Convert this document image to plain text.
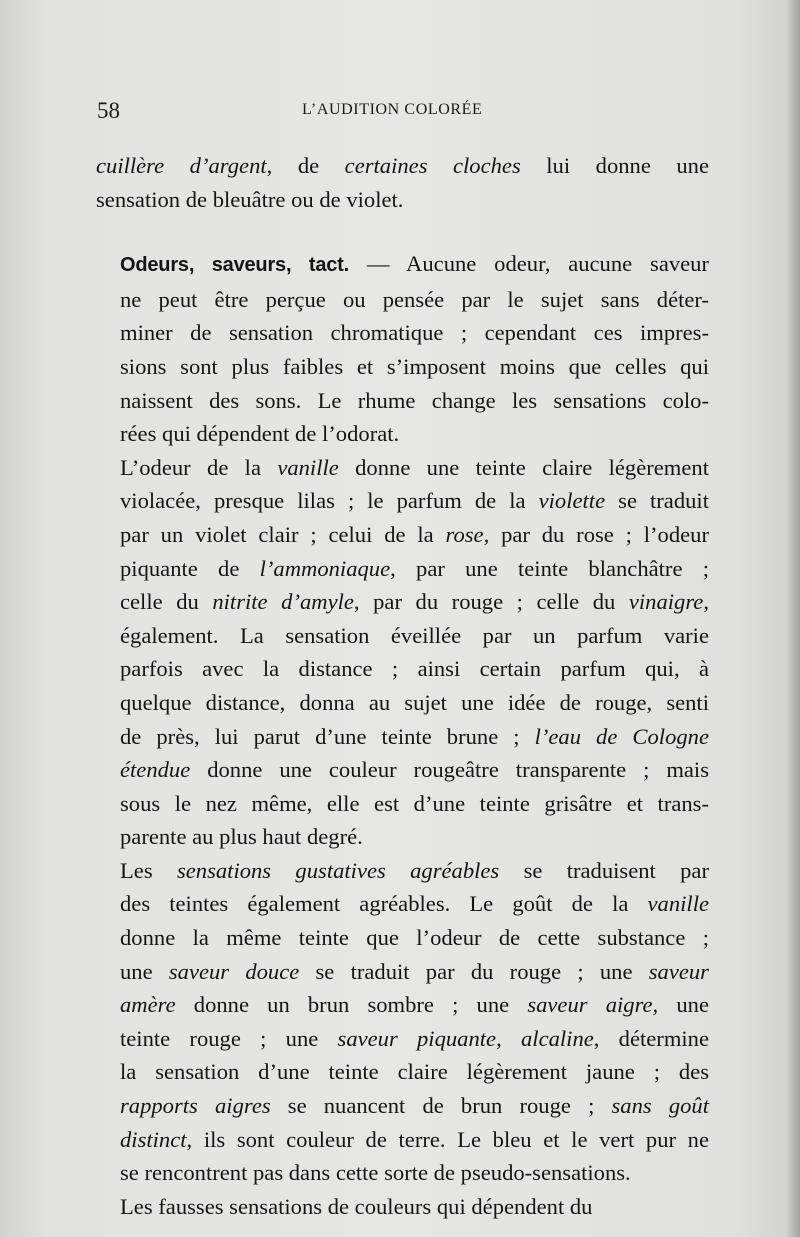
58	L’AUDITION COLORÉE

cuillère d’argent, de certaines cloches lui donne une
sensation de bleuâtre ou de violet.

Odeurs, saveurs, tact. — Aucune odeur, aucune saveur
ne peut être perçue ou pensée par le sujet sans déter-
miner de sensation chromatique ; cependant ces impres-
sions sont plus faibles et s’imposent moins que celles qui
naissent des sons. Le rhume change les sensations colo-
rées qui dépendent de l’odorat.

L’odeur de la vanille donne une teinte claire légèrement
violacée, presque lilas ; le parfum de la violette se traduit
par un violet clair ; celui de la rose, par du rose ; l’odeur
piquante de l’ammoniaque, par une teinte blanchâtre ;
celle du nitrite d’amyle, par du rouge ; celle du vinaigre,
également. La sensation éveillée par un parfum varie
parfois avec la distance ; ainsi certain parfum qui, à
quelque distance, donna au sujet une idée de rouge, senti
de près, lui parut d’une teinte brune ; l’eau de Cologne
étendue donne une couleur rougeâtre transparente ; mais
sous le nez même, elle est d’une teinte grisâtre et trans-
parente au plus haut degré.

Les sensations gustatives agréables se traduisent par
des teintes également agréables. Le goût de la vanille
donne la même teinte que l’odeur de cette substance ;
une saveur douce se traduit par du rouge ; une saveur
amère donne un brun sombre ; une saveur aigre, une
teinte rouge ; une saveur piquante, alcaline, détermine
la sensation d’une teinte claire légèrement jaune ; des
rapports aigres se nuancent de brun rouge ; sans goût
distinct, ils sont couleur de terre. Le bleu et le vert pur ne
se rencontrent pas dans cette sorte de pseudo-sensations.

Les fausses sensations de couleurs qui dépendent du
